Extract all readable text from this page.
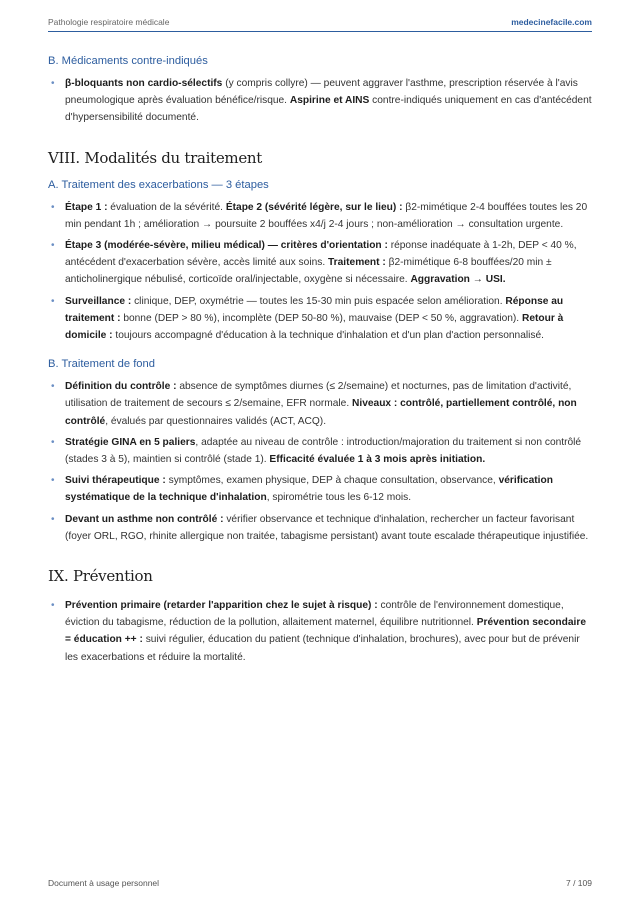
Pathologie respiratoire médicale	medecinefacile.com
B. Médicaments contre-indiqués
• β-bloquants non cardio-sélectifs (y compris collyre) — peuvent aggraver l'asthme, prescription réservée à l'avis pneumologique après évaluation bénéfice/risque. Aspirine et AINS contre-indiqués uniquement en cas d'antécédent d'hypersensibilité documenté.
VIII. Modalités du traitement
A. Traitement des exacerbations — 3 étapes
• Étape 1 : évaluation de la sévérité. Étape 2 (sévérité légère, sur le lieu) : β2-mimétique 2-4 bouffées toutes les 20 min pendant 1h ; amélioration → poursuite 2 bouffées x4/j 2-4 jours ; non-amélioration → consultation urgente.
• Étape 3 (modérée-sévère, milieu médical) — critères d'orientation : réponse inadéquate à 1-2h, DEP < 40 %, antécédent d'exacerbation sévère, accès limité aux soins. Traitement : β2-mimétique 6-8 bouffées/20 min ± anticholinergique nébulisé, corticoïde oral/injectable, oxygène si nécessaire. Aggravation → USI.
• Surveillance : clinique, DEP, oxymétrie — toutes les 15-30 min puis espacée selon amélioration. Réponse au traitement : bonne (DEP > 80 %), incomplète (DEP 50-80 %), mauvaise (DEP < 50 %, aggravation). Retour à domicile : toujours accompagné d'éducation à la technique d'inhalation et d'un plan d'action personnalisé.
B. Traitement de fond
• Définition du contrôle : absence de symptômes diurnes (≤ 2/semaine) et nocturnes, pas de limitation d'activité, utilisation de traitement de secours ≤ 2/semaine, EFR normale. Niveaux : contrôlé, partiellement contrôlé, non contrôlé, évalués par questionnaires validés (ACT, ACQ).
• Stratégie GINA en 5 paliers, adaptée au niveau de contrôle : introduction/majoration du traitement si non contrôlé (stades 3 à 5), maintien si contrôlé (stade 1). Efficacité évaluée 1 à 3 mois après initiation.
• Suivi thérapeutique : symptômes, examen physique, DEP à chaque consultation, observance, vérification systématique de la technique d'inhalation, spirométrie tous les 6-12 mois.
• Devant un asthme non contrôlé : vérifier observance et technique d'inhalation, rechercher un facteur favorisant (foyer ORL, RGO, rhinite allergique non traitée, tabagisme persistant) avant toute escalade thérapeutique injustifiée.
IX. Prévention
• Prévention primaire (retarder l'apparition chez le sujet à risque) : contrôle de l'environnement domestique, éviction du tabagisme, réduction de la pollution, allaitement maternel, équilibre nutritionnel. Prévention secondaire = éducation ++ : suivi régulier, éducation du patient (technique d'inhalation, brochures), avec pour but de prévenir les exacerbations et réduire la mortalité.
Document à usage personnel	7 / 109
